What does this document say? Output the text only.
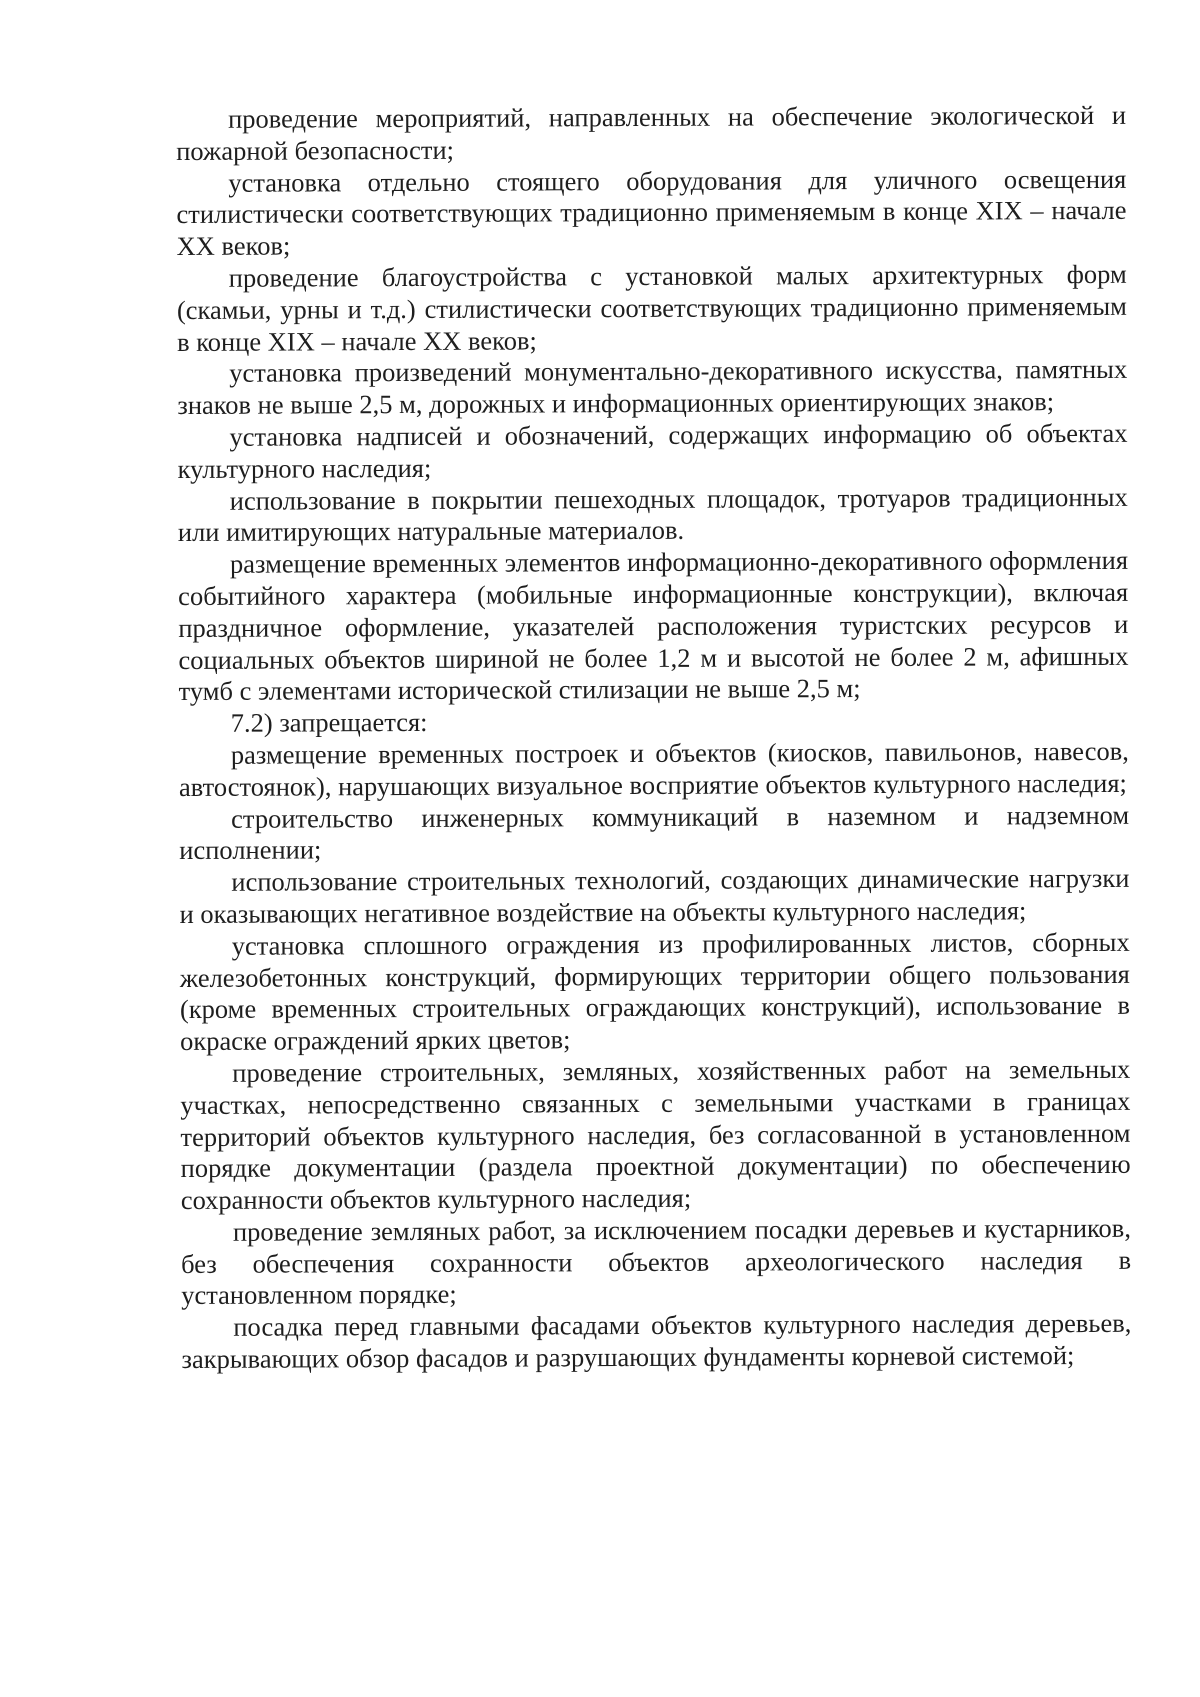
проведение мероприятий, направленных на обеспечение экологической и пожарной безопасности;

установка отдельно стоящего оборудования для уличного освещения стилистически соответствующих традиционно применяемым в конце XIX – начале XX веков;

проведение благоустройства с установкой малых архитектурных форм (скамьи, урны и т.д.) стилистически соответствующих традиционно применяемым в конце XIX – начале XX веков;

установка произведений монументально-декоративного искусства, памятных знаков не выше 2,5 м, дорожных и информационных ориентирующих знаков;

установка надписей и обозначений, содержащих информацию об объектах культурного наследия;

использование в покрытии пешеходных площадок, тротуаров традиционных или имитирующих натуральные материалов.

размещение временных элементов информационно-декоративного оформления событийного характера (мобильные информационные конструкции), включая праздничное оформление, указателей расположения туристских ресурсов и социальных объектов шириной не более 1,2 м и высотой не более 2 м, афишных тумб с элементами исторической стилизации не выше 2,5 м;

7.2) запрещается:

размещение временных построек и объектов (киосков, павильонов, навесов, автостоянок), нарушающих визуальное восприятие объектов культурного наследия;

строительство инженерных коммуникаций в наземном и надземном исполнении;

использование строительных технологий, создающих динамические нагрузки и оказывающих негативное воздействие на объекты культурного наследия;

установка сплошного ограждения из профилированных листов, сборных железобетонных конструкций, формирующих территории общего пользования (кроме временных строительных ограждающих конструкций), использование в окраске ограждений ярких цветов;

проведение строительных, земляных, хозяйственных работ на земельных участках, непосредственно связанных с земельными участками в границах территорий объектов культурного наследия, без согласованной в установленном порядке документации (раздела проектной документации) по обеспечению сохранности объектов культурного наследия;

проведение земляных работ, за исключением посадки деревьев и кустарников, без обеспечения сохранности объектов археологического наследия в установленном порядке;

посадка перед главными фасадами объектов культурного наследия деревьев, закрывающих обзор фасадов и разрушающих фундаменты корневой системой;
